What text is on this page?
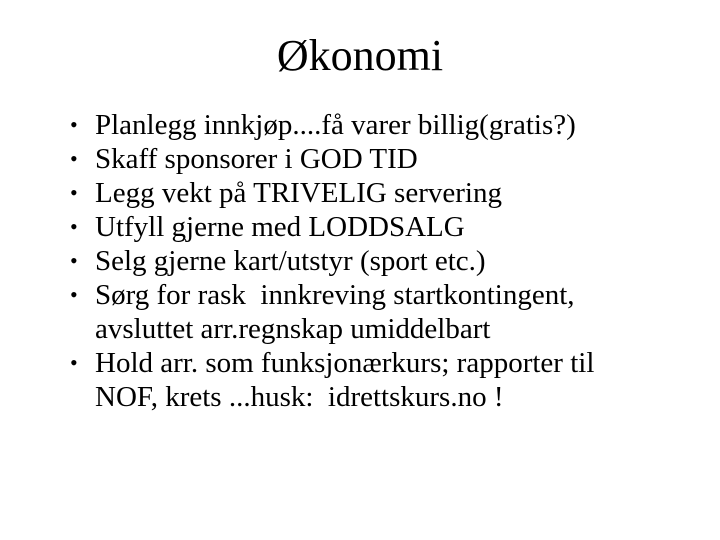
Økonomi
• Planlegg innkjøp....få varer billig(gratis?)
• Skaff sponsorer i GOD TID
• Legg vekt på TRIVELIG servering
• Utfyll gjerne med LODDSALG
• Selg gjerne kart/utstyr (sport etc.)
• Sørg for rask  innkreving startkontingent,
avsluttet arr.regnskap umiddelbart
• Hold arr. som funksjonærkurs; rapporter til
NOF, krets ...husk:  idrettskurs.no !
